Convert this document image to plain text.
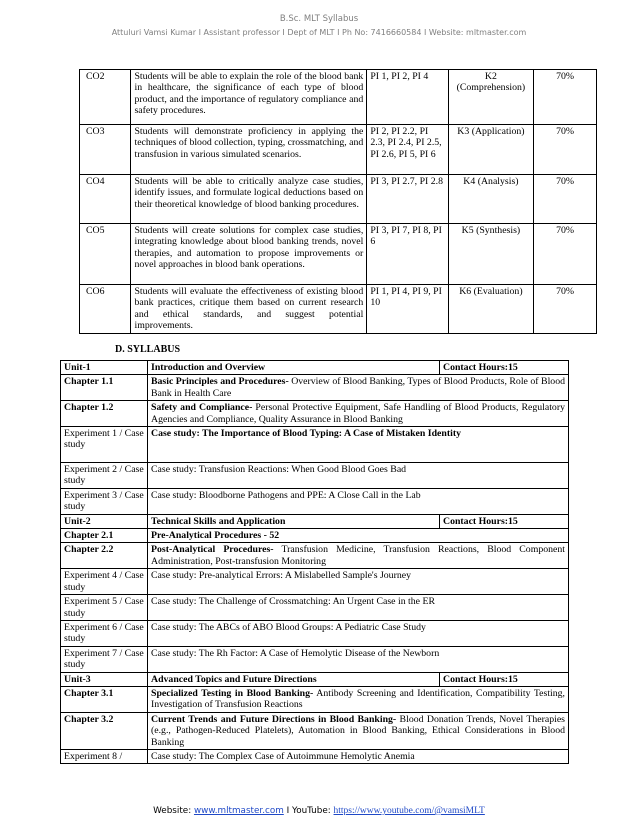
B.Sc. MLT Syllabus
Attuluri Vamsi Kumar I Assistant professor I Dept of MLT I Ph No: 7416660584 I Website: mltmaster.com
CO2	Students will be able to explain the role of the blood bank in healthcare, the significance of each type of blood product, and the importance of regulatory compliance and safety procedures.	PI 1, PI 2, PI 4	K2 (Comprehension)	70%
CO3	Students will demonstrate proficiency in applying the techniques of blood collection, typing, crossmatching, and transfusion in various simulated scenarios.	PI 2, PI 2.2, PI 2.3, PI 2.4, PI 2.5, PI 2.6, PI 5, PI 6	K3 (Application)	70%
CO4	Students will be able to critically analyze case studies, identify issues, and formulate logical deductions based on their theoretical knowledge of blood banking procedures.	PI 3, PI 2.7, PI 2.8	K4 (Analysis)	70%
CO5	Students will create solutions for complex case studies, integrating knowledge about blood banking trends, novel therapies, and automation to propose improvements or novel approaches in blood bank operations.	PI 3, PI 7, PI 8, PI 6	K5 (Synthesis)	70%
CO6	Students will evaluate the effectiveness of existing blood bank practices, critique them based on current research and ethical standards, and suggest potential improvements.	PI 1, PI 4, PI 9, PI 10	K6 (Evaluation)	70%
D. SYLLABUS
Unit-1	Introduction and Overview	Contact Hours:15
Chapter 1.1	Basic Principles and Procedures- Overview of Blood Banking, Types of Blood Products, Role of Blood Bank in Health Care	
Chapter 1.2	Safety and Compliance- Personal Protective Equipment, Safe Handling of Blood Products, Regulatory Agencies and Compliance, Quality Assurance in Blood Banking	
Experiment 1 / Case study	Case study: The Importance of Blood Typing: A Case of Mistaken Identity	
Experiment 2 / Case study	Case study: Transfusion Reactions: When Good Blood Goes Bad	
Experiment 3 / Case study	Case study: Bloodborne Pathogens and PPE: A Close Call in the Lab	
Unit-2	Technical Skills and Application	Contact Hours:15
Chapter 2.1	Pre-Analytical Procedures - 52	
Chapter 2.2	Post-Analytical Procedures- Transfusion Medicine, Transfusion Reactions, Blood Component Administration, Post-transfusion Monitoring	
Experiment 4 / Case study	Case study: Pre-analytical Errors: A Mislabelled Sample's Journey	
Experiment 5 / Case study	Case study: The Challenge of Crossmatching: An Urgent Case in the ER	
Experiment 6 / Case study	Case study: The ABCs of ABO Blood Groups: A Pediatric Case Study	
Experiment 7 / Case study	Case study: The Rh Factor: A Case of Hemolytic Disease of the Newborn	
Unit-3	Advanced Topics and Future Directions	Contact Hours:15
Chapter 3.1	Specialized Testing in Blood Banking- Antibody Screening and Identification, Compatibility Testing, Investigation of Transfusion Reactions	
Chapter 3.2	Current Trends and Future Directions in Blood Banking- Blood Donation Trends, Novel Therapies (e.g., Pathogen-Reduced Platelets), Automation in Blood Banking, Ethical Considerations in Blood Banking	
Experiment 8 /	Case study: The Complex Case of Autoimmune Hemolytic Anemia	
Website: www.mltmaster.com I YouTube: https://www.youtube.com/@vamsiMLT
